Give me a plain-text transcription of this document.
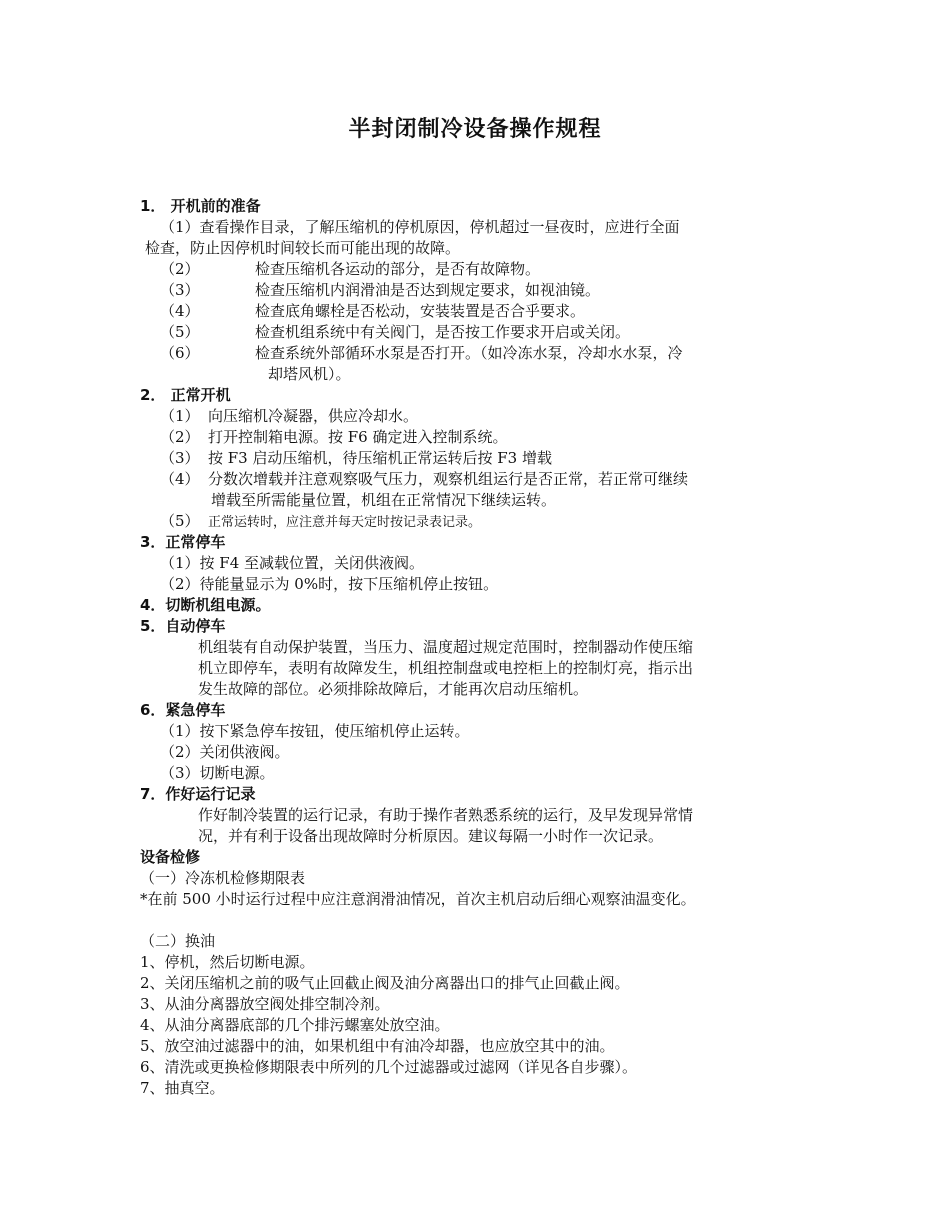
半封闭制冷设备操作规程
1． 开机前的准备
（1）查看操作目录，了解压缩机的停机原因，停机超过一昼夜时，应进行全面
检查，防止因停机时间较长而可能出现的故障。
（2）	检查压缩机各运动的部分，是否有故障物。
（3）	检查压缩机内润滑油是否达到规定要求，如视油镜。
（4）	检查底角螺栓是否松动，安装装置是否合乎要求。
（5）	检查机组系统中有关阀门，是否按工作要求开启或关闭。
（6）	检查系统外部循环水泵是否打开。（如冷冻水泵，冷却水水泵，冷
却塔风机）。
2． 正常开机
（1） 向压缩机冷凝器，供应冷却水。
（2） 打开控制箱电源。按 F6 确定进入控制系统。
（3） 按 F3 启动压缩机，待压缩机正常运转后按 F3 增载
（4） 分数次增载并注意观察吸气压力，观察机组运行是否正常，若正常可继续
增载至所需能量位置，机组在正常情况下继续运转。
（5） 正常运转时，应注意并每天定时按记录表记录。
3．正常停车
（1）按 F4 至减载位置，关闭供液阀。
（2）待能量显示为 0%时，按下压缩机停止按钮。
4．切断机组电源。
5．自动停车
机组装有自动保护装置，当压力、温度超过规定范围时，控制器动作使压缩
机立即停车，表明有故障发生，机组控制盘或电控柜上的控制灯亮，指示出
发生故障的部位。必须排除故障后，才能再次启动压缩机。
6．紧急停车
（1）按下紧急停车按钮，使压缩机停止运转。
（2）关闭供液阀。
（3）切断电源。
7．作好运行记录
作好制冷装置的运行记录，有助于操作者熟悉系统的运行，及早发现异常情
况，并有利于设备出现故障时分析原因。建议每隔一小时作一次记录。
设备检修
（一）冷冻机检修期限表
*在前 500 小时运行过程中应注意润滑油情况，首次主机启动后细心观察油温变化。
（二）换油
1、停机，然后切断电源。
2、关闭压缩机之前的吸气止回截止阀及油分离器出口的排气止回截止阀。
3、从油分离器放空阀处排空制冷剂。
4、从油分离器底部的几个排污螺塞处放空油。
5、放空油过滤器中的油，如果机组中有油冷却器，也应放空其中的油。
6、清洗或更换检修期限表中所列的几个过滤器或过滤网（详见各自步骤）。
7、抽真空。
